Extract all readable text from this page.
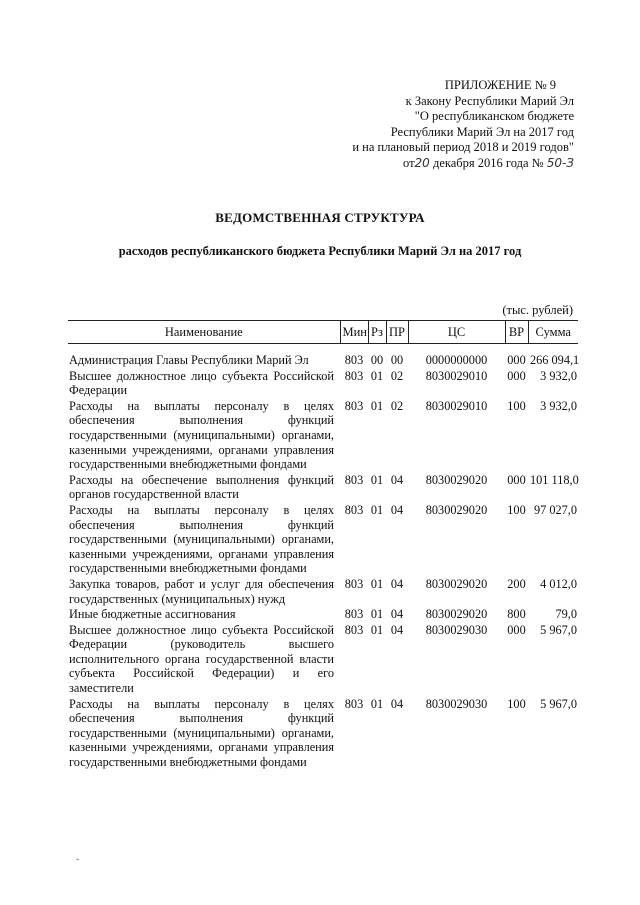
ПРИЛОЖЕНИЕ № 9
к Закону Республики Марий Эл
"О республиканском бюджете
Республики Марий Эл на 2017 год
и на плановый период 2018 и 2019 годов"
от20 декабря 2016 года № 50-З
ВЕДОМСТВЕННАЯ СТРУКТУРА
расходов республиканского бюджета Республики Марий Эл на 2017 год
(тыс. рублей)
Наименование	Мин	Рз	ПР	ЦС	ВР	Сумма
Администрация Главы Республики Марий Эл	803	00	00	0000000000	000	266 094,1
Высшее должностное лицо субъекта Российской Федерации	803	01	02	8030029010	000	3 932,0
Расходы на выплаты персоналу в целях обеспечения выполнения функций государственными (муниципальными) органами, казенными учреждениями, органами управления государственными внебюджетными фондами	803	01	02	8030029010	100	3 932,0
Расходы на обеспечение выполнения функций органов государственной власти	803	01	04	8030029020	000	101 118,0
Расходы на выплаты персоналу в целях обеспечения выполнения функций государственными (муниципальными) органами, казенными учреждениями, органами управления государственными внебюджетными фондами	803	01	04	8030029020	100	97 027,0
Закупка товаров, работ и услуг для обеспечения государственных (муниципальных) нужд	803	01	04	8030029020	200	4 012,0
Иные бюджетные ассигнования	803	01	04	8030029020	800	79,0
Высшее должностное лицо субъекта Российской Федерации (руководитель высшего исполнительного органа государственной власти субъекта Российской Федерации) и его заместители	803	01	04	8030029030	000	5 967,0
Расходы на выплаты персоналу в целях обеспечения выполнения функций государственными (муниципальными) органами, казенными учреждениями, органами управления государственными внебюджетными фондами	803	01	04	8030029030	100	5 967,0
˘
